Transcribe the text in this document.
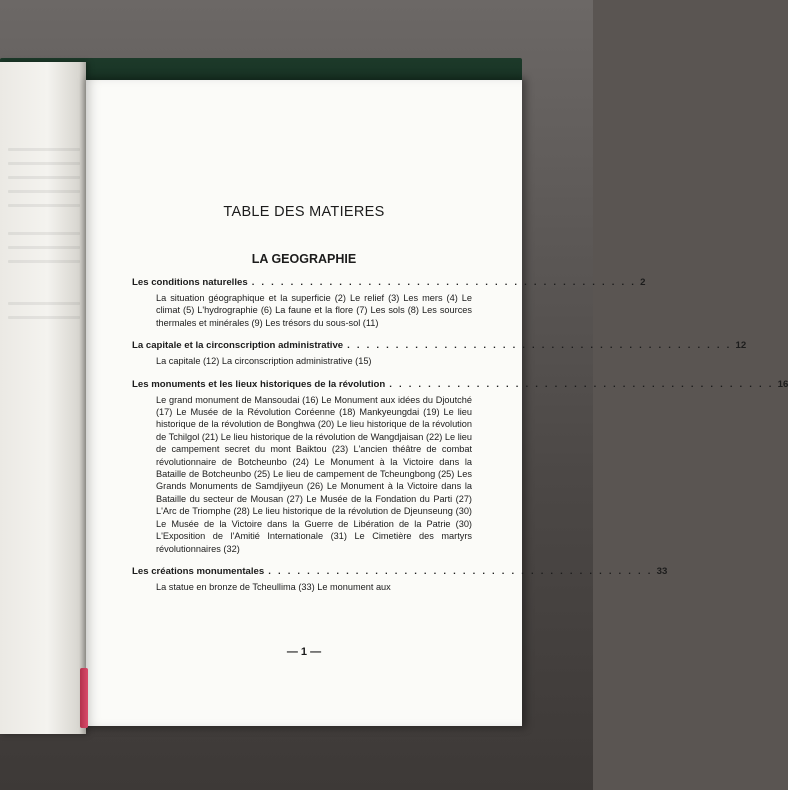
TABLE DES MATIERES
LA GEOGRAPHIE
Les conditions naturelles . . . . . . . . . . . . . . . . . . . . . . . . . . . . . . . . . . . . . . . . 2
La situation géographique et la superficie (2) Le relief (3) Les mers (4) Le climat (5) L'hydrographie (6) La faune et la flore (7) Les sols (8) Les sources thermales et minérales (9) Les trésors du sous-sol (11)
La capitale et la circonscription administrative . . . . . . . . . . . . . . . . . . . . . . . . . . . . . . . . . . . . . . . . 12
La capitale (12) La circonscription administrative (15)
Les monuments et les lieux historiques de la révolution . . . . . . . . . . . . . . . . . . . . . . . . . . . . . . . . . . . . . . . . 16
Le grand monument de Mansoudai (16) Le Monument aux idées du Djoutché (17) Le Musée de la Révolution Coréenne (18) Mankyeungdai (19) Le lieu historique de la révolution de Bonghwa (20) Le lieu historique de la révolution de Tchilgol (21) Le lieu historique de la révolution de Wangdjaisan (22) Le lieu de campement secret du mont Baiktou (23) L'ancien théâtre de combat révolutionnaire de Botcheunbo (24) Le Monument à la Victoire dans la Bataille de Botcheunbo (25) Le lieu de campement de Tcheungbong (25) Les Grands Monuments de Samdjiyeun (26) Le Monument à la Victoire dans la Bataille du secteur de Mousan (27) Le Musée de la Fondation du Parti (27) L'Arc de Triomphe (28) Le lieu historique de la révolution de Djeunseung (30) Le Musée de la Victoire dans la Guerre de Libération de la Patrie (30) L'Exposition de l'Amitié Internationale (31) Le Cimetière des martyrs révolutionnaires (32)
Les créations monumentales . . . . . . . . . . . . . . . . . . . . . . . . . . . . . . . . . . . . . . . . 33
La statue en bronze de Tcheullima (33) Le monument aux
— 1 —
